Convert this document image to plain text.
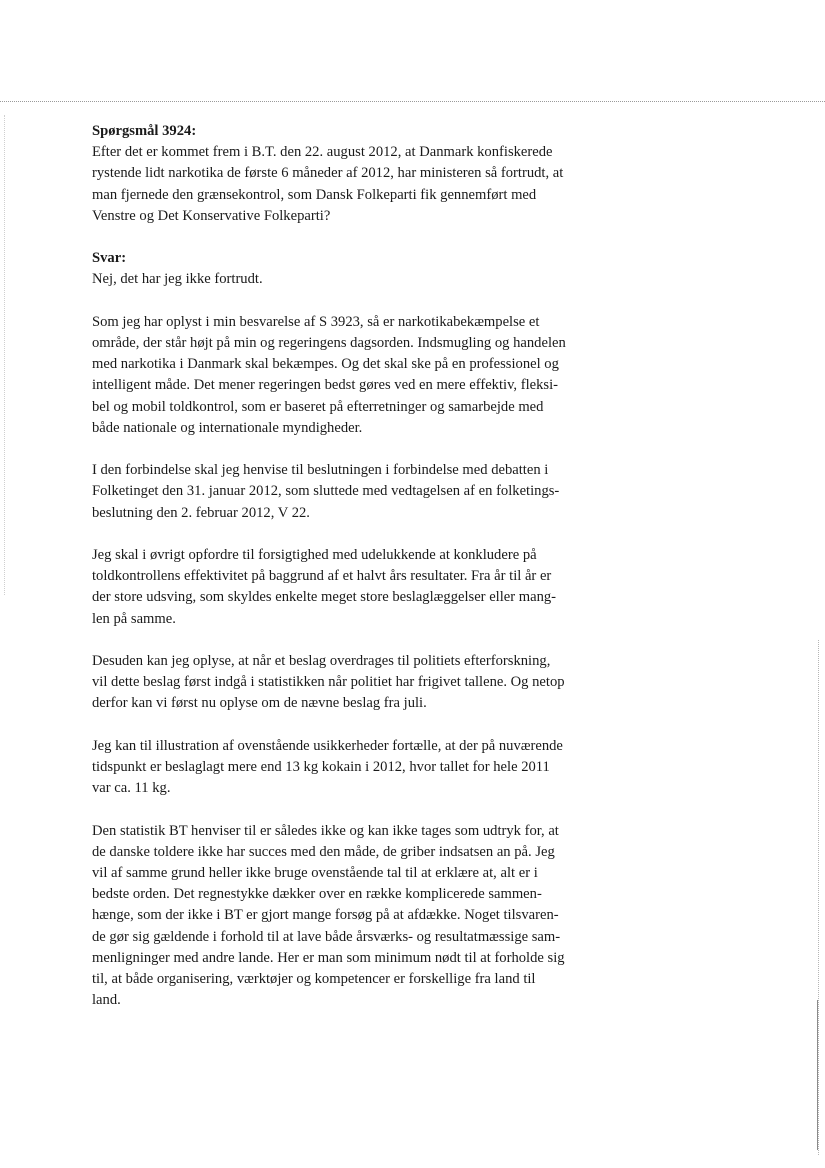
Spørgsmål 3924:

Efter det er kommet frem i B.T. den 22. august 2012, at Danmark konfiskerede
rystende lidt narkotika de første 6 måneder af 2012, har ministeren så fortrudt, at
man fjernede den grænsekontrol, som Dansk Folkeparti fik gennemført med
Venstre og Det Konservative Folkeparti?

Svar:

Nej, det har jeg ikke fortrudt.
Som jeg har oplyst i min besvarelse af S 3923, så er narkotikabekæmpelse et
område, der står højt på min og regeringens dagsorden. Indsmugling og handelen
med narkotika i Danmark skal bekæmpes. Og det skal ske på en professionel og
intelligent måde. Det mener regeringen bedst gøres ved en mere effektiv, fleksi-
bel og mobil toldkontrol, som er baseret på efterretninger og samarbejde med
både nationale og internationale myndigheder.
I den forbindelse skal jeg henvise til beslutningen i forbindelse med debatten i
Folketinget den 31. januar 2012, som sluttede med vedtagelsen af en folketings-
beslutning den 2. februar 2012, V 22.
Jeg skal i øvrigt opfordre til forsigtighed med udelukkende at konkludere på
toldkontrollens effektivitet på baggrund af et halvt års resultater. Fra år til år er
der store udsving, som skyldes enkelte meget store beslaglæggelser eller mang-
len på samme.
Desuden kan jeg oplyse, at når et beslag overdrages til politiets efterforskning,
vil dette beslag først indgå i statistikken når politiet har frigivet tallene. Og netop
derfor kan vi først nu oplyse om de nævne beslag fra juli.
Jeg kan til illustration af ovenstående usikkerheder fortælle, at der på nuværende
tidspunkt er beslaglagt mere end 13 kg kokain i 2012, hvor tallet for hele 2011
var ca. 11 kg.
Den statistik BT henviser til er således ikke og kan ikke tages som udtryk for, at
de danske toldere ikke har succes med den måde, de griber indsatsen an på. Jeg
vil af samme grund heller ikke bruge ovenstående tal til at erklære at, alt er i
bedste orden. Det regnestykke dækker over en række komplicerede sammen-
hænge, som der ikke i BT er gjort mange forsøg på at afdække. Noget tilsvaren-
de gør sig gældende i forhold til at lave både årsværks- og resultatmæssige sam-
menligninger med andre lande. Her er man som minimum nødt til at forholde sig
til, at både organisering, værktøjer og kompetencer er forskellige fra land til
land.
